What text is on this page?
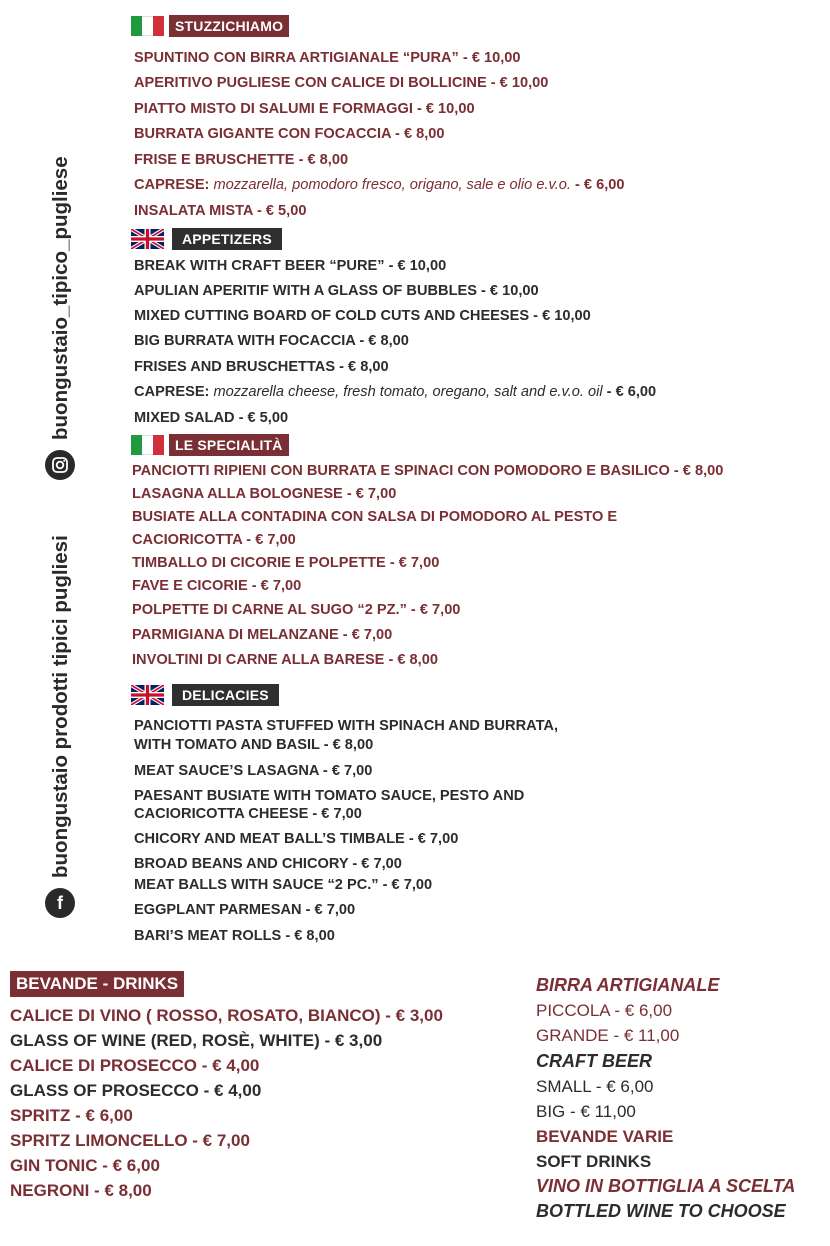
buongustaio_tipico_pugliese
f
buongustaio prodotti tipici pugliesi
STUZZICHIAMO
SPUNTINO CON BIRRA ARTIGIANALE “PURA” - € 10,00
APERITIVO PUGLIESE CON CALICE DI BOLLICINE - € 10,00
PIATTO MISTO DI SALUMI E FORMAGGI - € 10,00
BURRATA GIGANTE CON FOCACCIA - € 8,00
FRISE E BRUSCHETTE - € 8,00
CAPRESE: mozzarella, pomodoro fresco, origano, sale e olio e.v.o. - € 6,00
INSALATA MISTA - € 5,00
APPETIZERS
BREAK WITH CRAFT BEER “PURE” - € 10,00
APULIAN APERITIF WITH A GLASS OF BUBBLES - € 10,00
MIXED CUTTING BOARD OF COLD CUTS AND CHEESES - € 10,00
BIG BURRATA WITH FOCACCIA - € 8,00
FRISES AND BRUSCHETTAS - € 8,00
CAPRESE: mozzarella cheese, fresh tomato, oregano, salt and e.v.o. oil - € 6,00
MIXED SALAD - € 5,00
LE SPECIALITÀ
PANCIOTTI RIPIENI CON BURRATA E SPINACI CON POMODORO E BASILICO - € 8,00
LASAGNA ALLA BOLOGNESE - € 7,00
BUSIATE ALLA CONTADINA CON SALSA DI POMODORO AL PESTO E
CACIORICOTTA - € 7,00
TIMBALLO DI CICORIE E POLPETTE - € 7,00
FAVE E CICORIE - € 7,00
POLPETTE DI CARNE AL SUGO “2 PZ.” - € 7,00
PARMIGIANA DI MELANZANE - € 7,00
INVOLTINI DI CARNE ALLA BARESE - € 8,00
DELICACIES
PANCIOTTI PASTA STUFFED WITH SPINACH AND BURRATA,
WITH TOMATO AND BASIL - € 8,00
MEAT SAUCE’S LASAGNA - € 7,00
PAESANT BUSIATE WITH TOMATO SAUCE, PESTO AND
CACIORICOTTA CHEESE - € 7,00
CHICORY AND MEAT BALL’S TIMBALE - € 7,00
BROAD BEANS AND CHICORY - € 7,00
MEAT BALLS WITH SAUCE “2 PC.” - € 7,00
EGGPLANT PARMESAN - € 7,00
BARI’S MEAT ROLLS - € 8,00
BEVANDE - DRINKS
CALICE DI VINO ( ROSSO, ROSATO, BIANCO) - € 3,00
GLASS OF WINE (RED, ROSÈ, WHITE) - € 3,00
CALICE DI PROSECCO - € 4,00
GLASS OF PROSECCO - € 4,00
SPRITZ - € 6,00
SPRITZ LIMONCELLO - € 7,00
GIN TONIC - € 6,00
NEGRONI - € 8,00
BIRRA ARTIGIANALE
PICCOLA - € 6,00
GRANDE - € 11,00
CRAFT BEER
SMALL - € 6,00
BIG - € 11,00
BEVANDE VARIE
SOFT DRINKS
VINO IN BOTTIGLIA A SCELTA
BOTTLED WINE TO CHOOSE
